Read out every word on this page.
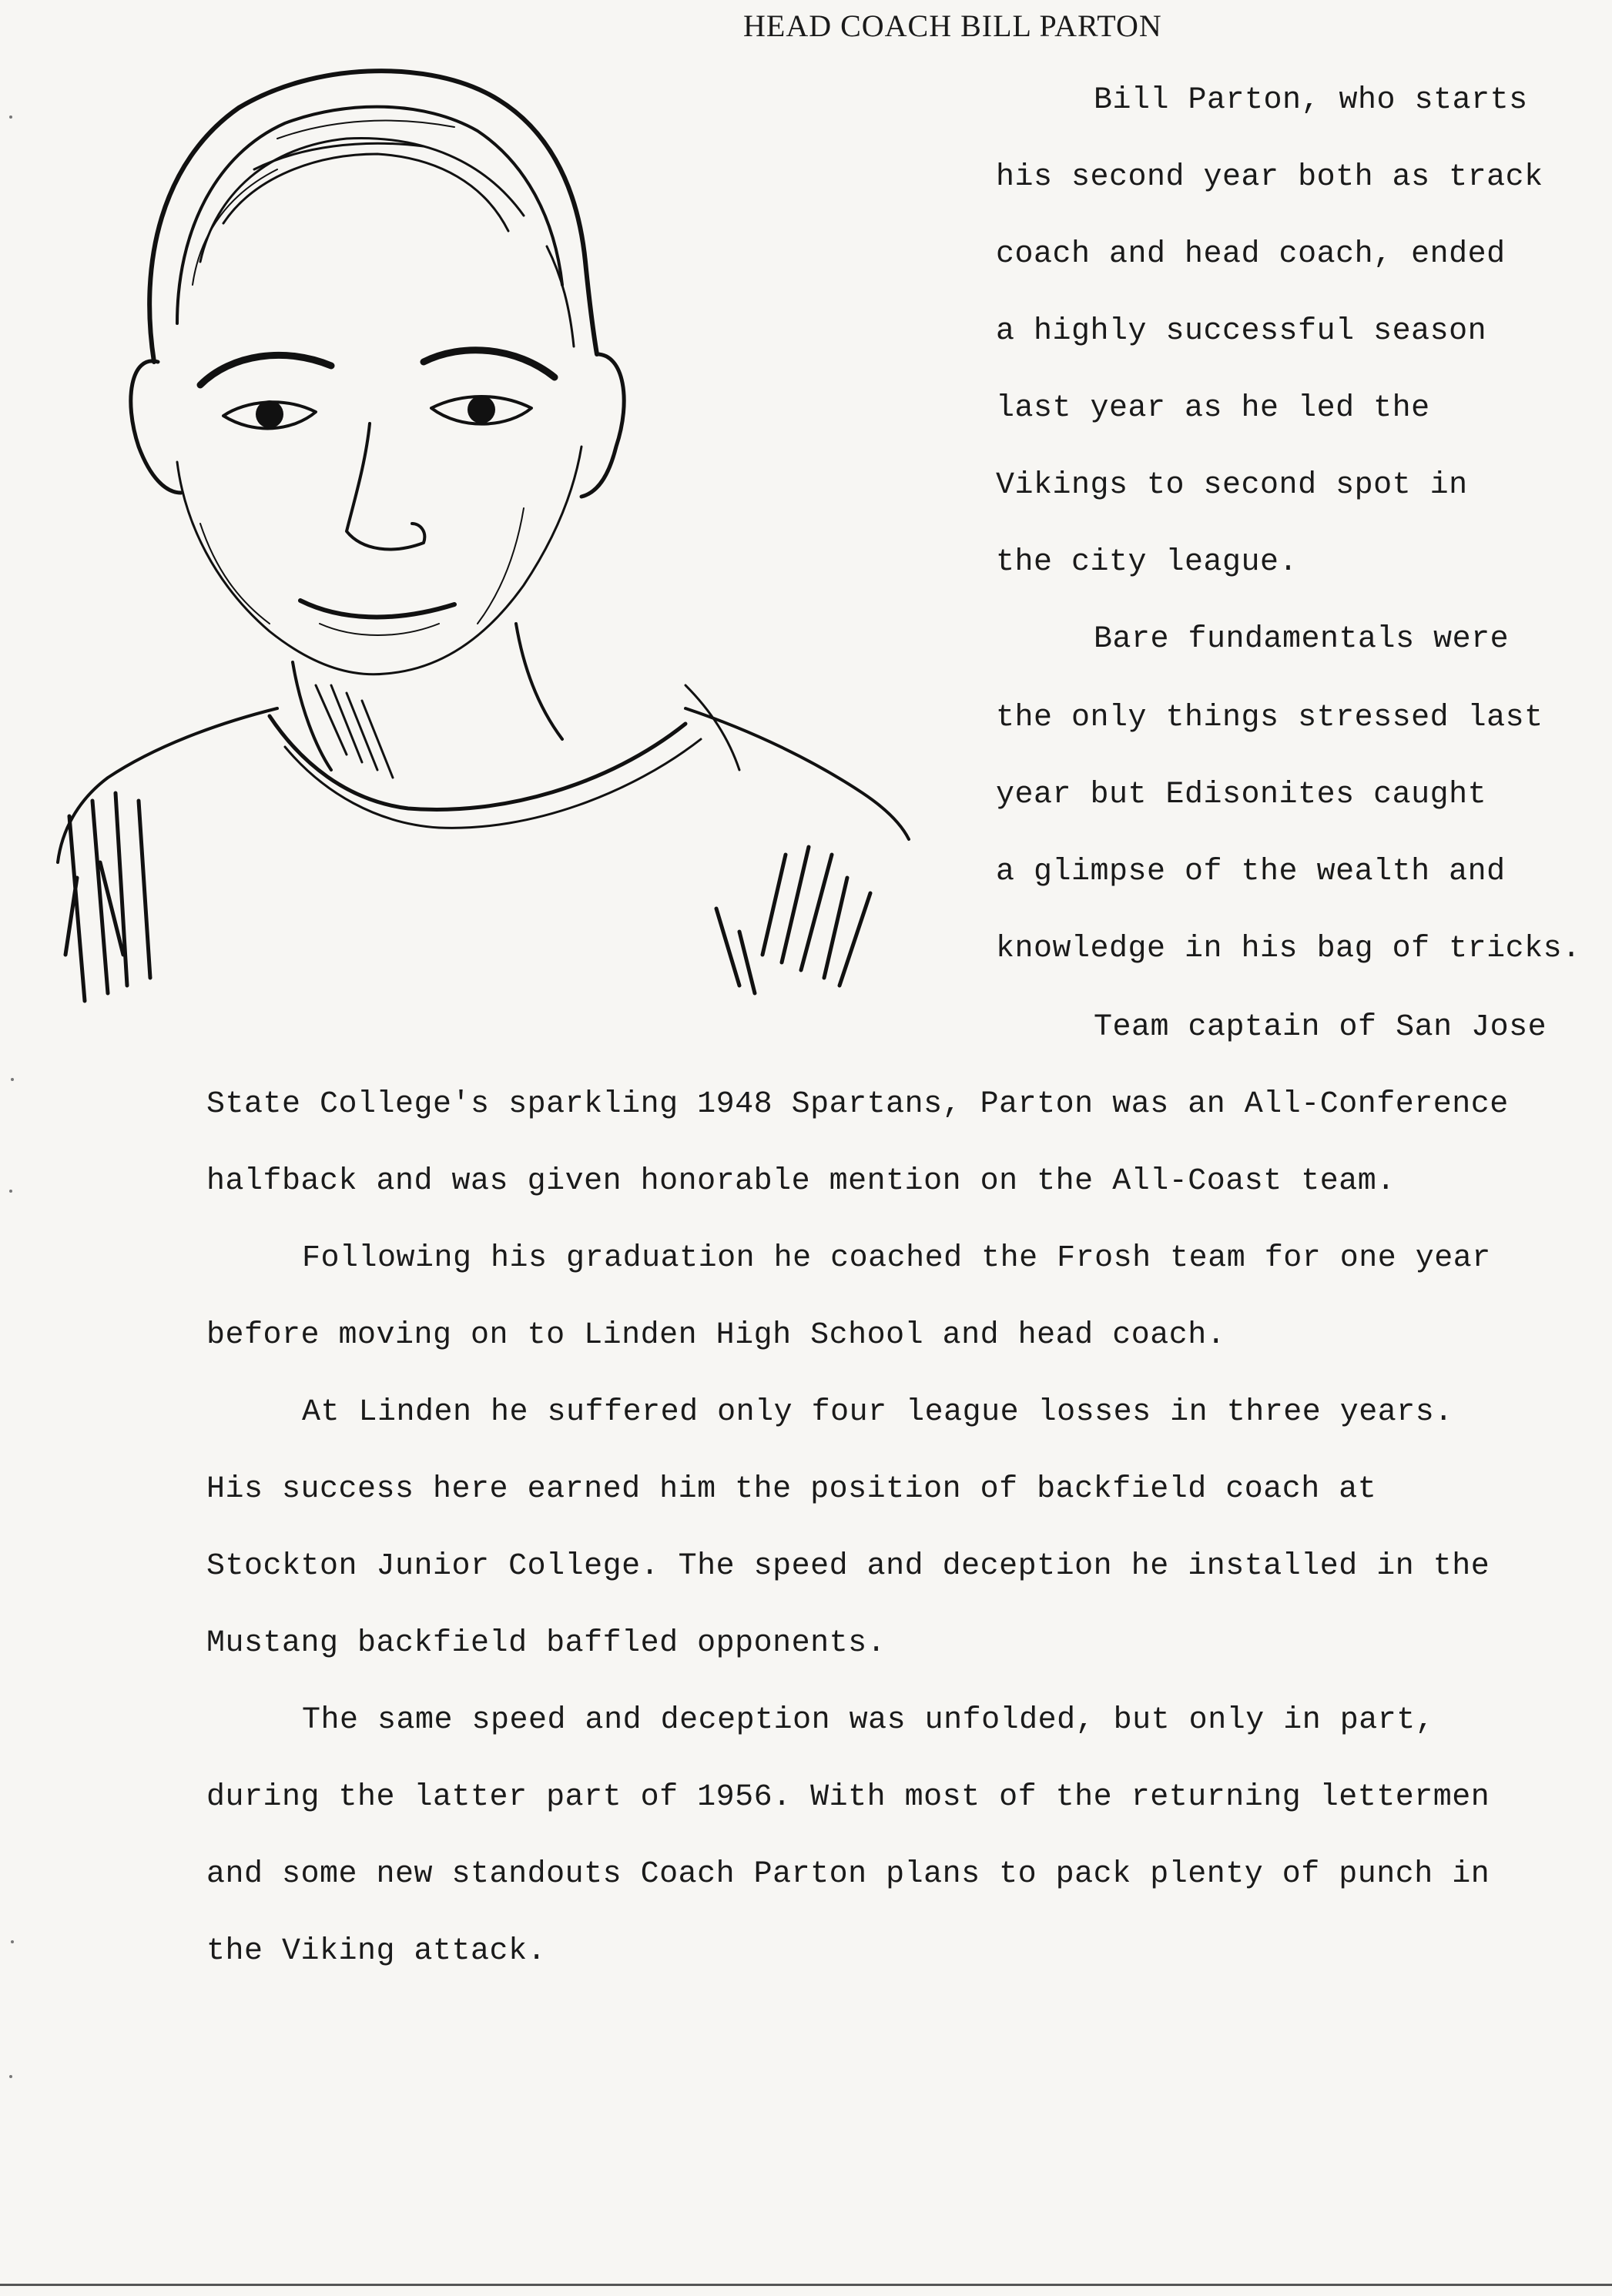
HEAD COACH BILL PARTON
Bill Parton, who starts
his second year both as track
coach and head coach, ended
a highly successful season
last year as he led the
Vikings to second spot in
the city league.
Bare fundamentals were
the only things stressed last
year but Edisonites caught
a glimpse of the wealth and
knowledge in his bag of tricks.
Team captain of San Jose
State College's sparkling 1948 Spartans, Parton was an All-Conference
halfback and was given honorable mention on the All-Coast team.
Following his graduation he coached the Frosh team for one year
before moving on to Linden High School and head coach.
At Linden he suffered only four league losses in three years.
His success here earned him the position of backfield coach at
Stockton Junior College. The speed and deception he installed in the
Mustang backfield baffled opponents.
The same speed and deception was unfolded, but only in part,
during the latter part of 1956. With most of the returning lettermen
and some new standouts Coach Parton plans to pack plenty of punch in
the Viking attack.
